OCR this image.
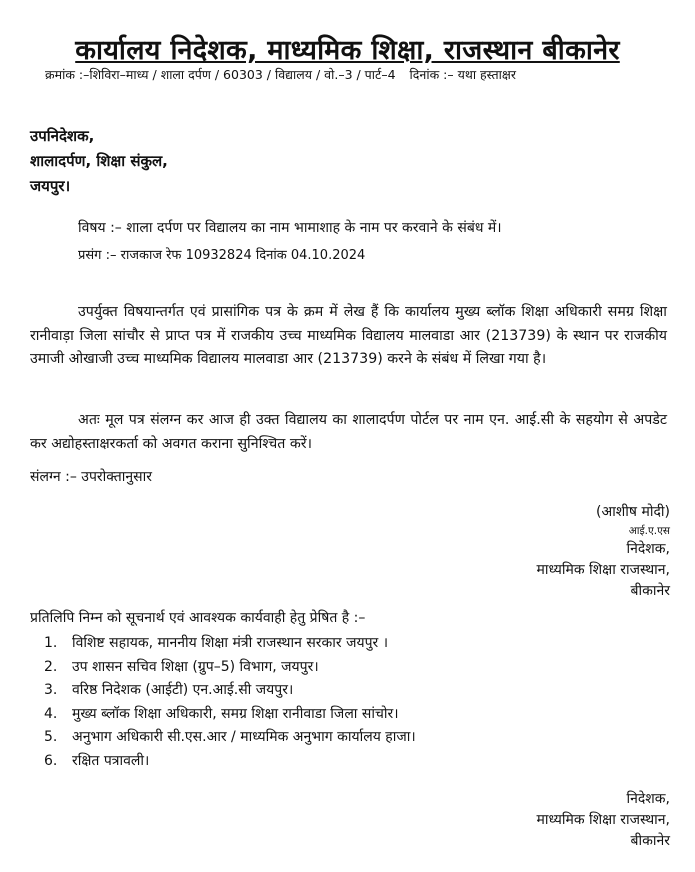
कार्यालय निदेशक, माध्यमिक शिक्षा, राजस्थान बीकानेर
क्रमांक :–शिविरा–माध्य / शाला दर्पण / 60303 / विद्यालय / वो.–3 / पार्ट–4 दिनांक :– यथा हस्ताक्षर
उपनिदेशक,
शालादर्पण, शिक्षा संकुल,
जयपुर।
विषय :– शाला दर्पण पर विद्यालय का नाम भामाशाह के नाम पर करवाने के संबंध में।
प्रसंग :– राजकाज रेफ 10932824 दिनांक 04.10.2024
उपर्युक्त विषयान्तर्गत एवं प्रासांगिक पत्र के क्रम में लेख हैं कि कार्यालय मुख्य ब्लॉक शिक्षा अधिकारी समग्र शिक्षा रानीवाड़ा जिला सांचौर से प्राप्त पत्र में राजकीय उच्च माध्यमिक विद्यालय मालवाडा आर (213739) के स्थान पर राजकीय उमाजी ओखाजी उच्च माध्यमिक विद्यालय मालवाडा आर (213739) करने के संबंध में लिखा गया है।
अतः मूल पत्र संलग्न कर आज ही उक्त विद्यालय का शालादर्पण पोर्टल पर नाम एन. आई.सी के सहयोग से अपडेट कर अद्योहस्ताक्षरकर्ता को अवगत कराना सुनिश्चित करें।
संलग्न :– उपरोक्तानुसार
(आशीष मोदी)
आई.ए.एस
निदेशक,
माध्यमिक शिक्षा राजस्थान,
बीकानेर
प्रतिलिपि निम्न को सूचनार्थ एवं आवश्यक कार्यवाही हेतु प्रेषित है :–
1. विशिष्ट सहायक, माननीय शिक्षा मंत्री राजस्थान सरकार जयपुर ।
2. उप शासन सचिव शिक्षा (ग्रुप–5) विभाग, जयपुर।
3. वरिष्ठ निदेशक (आईटी) एन.आई.सी जयपुर।
4. मुख्य ब्लॉक शिक्षा अधिकारी, समग्र शिक्षा रानीवाडा जिला सांचोर।
5. अनुभाग अधिकारी सी.एस.आर / माध्यमिक अनुभाग कार्यालय हाजा।
6. रक्षित पत्रावली।
निदेशक,
माध्यमिक शिक्षा राजस्थान,
बीकानेर
